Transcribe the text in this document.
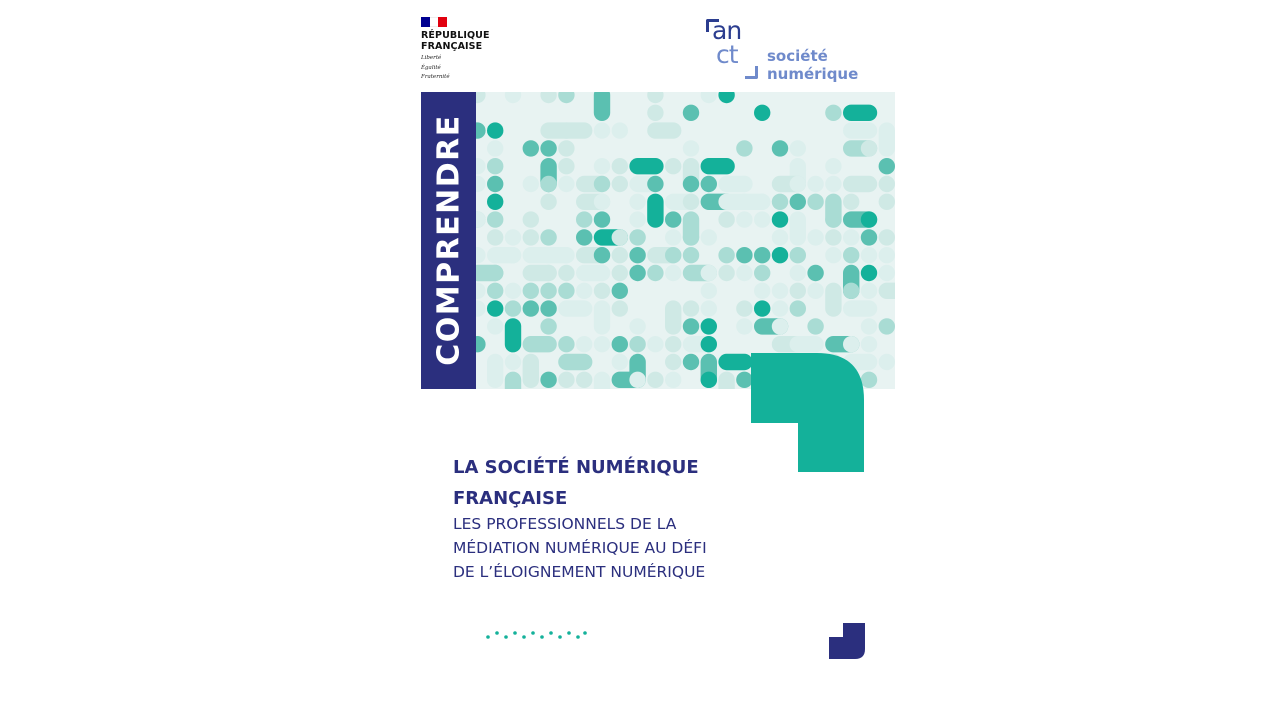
RÉPUBLIQUE
FRANÇAISE
Liberté
Égalité
Fraternité
an
ct société
numérique
COMPRENDRE
LA SOCIÉTÉ NUMÉRIQUE
FRANÇAISE
LES PROFESSIONNELS DE LA
MÉDIATION NUMÉRIQUE AU DÉFI
DE L’ÉLOIGNEMENT NUMÉRIQUE
